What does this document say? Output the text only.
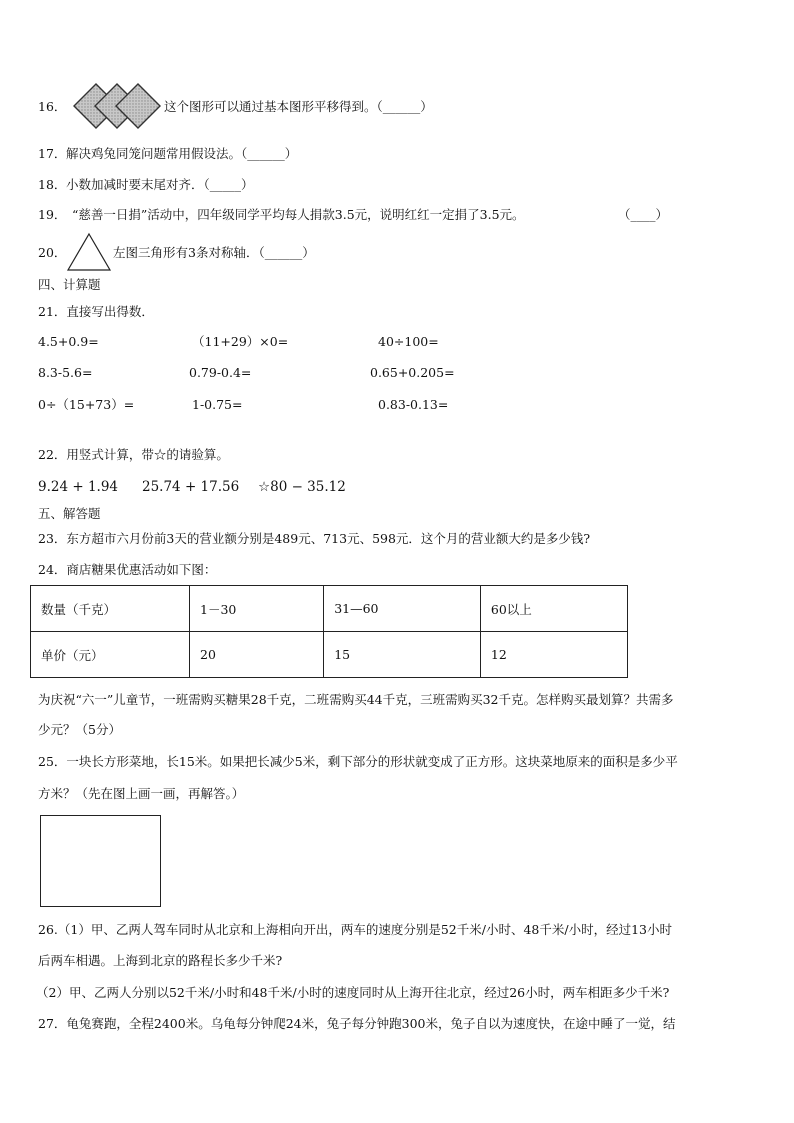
16．	这个图形可以通过基本图形平移得到。（______）
17． 解决鸡兔同笼问题常用假设法。（______）
18． 小数加减时要末尾对齐．（_____）
19． “慈善一日捐”活动中，四年级同学平均每人捐款3.5元，说明红红一定捐了3.5元。	（____）
20．	左图三角形有3条对称轴．（______）
四、计算题
21．直接写出得数．
4.5+0.9=	（11+29）×0=	40÷100=
8.3-5.6=	0.79-0.4=	0.65+0.205=
0÷（15+73）=	1-0.75=	0.83-0.13=
22．用竖式计算，带☆的请验算。
9.24 + 1.94 25.74 + 17.56 ☆80 − 35.12
五、解答题
23．东方超市六月份前3天的营业额分别是489元、713元、598元．这个月的营业额大约是多少钱?
24．商店糖果优惠活动如下图：
数量（千克）	1－30	31—60	60以上
单价（元）	20	15	12
为庆祝“六一”儿童节，一班需购买糖果28千克，二班需购买44千克，三班需购买32千克。怎样购买最划算？共需多
少元？（5分）
25．一块长方形菜地，长15米。如果把长减少5米，剩下部分的形状就变成了正方形。这块菜地原来的面积是多少平
方米？（先在图上画一画，再解答。）
26.（1）甲、乙两人驾车同时从北京和上海相向开出，两车的速度分别是52千米/小时、48千米/小时，经过13小时
后两车相遇。上海到北京的路程长多少千米?
（2）甲、乙两人分别以52千米/小时和48千米/小时的速度同时从上海开往北京，经过26小时，两车相距多少千米?
27．龟兔赛跑，全程2400米。乌龟每分钟爬24米，兔子每分钟跑300米，兔子自以为速度快，在途中睡了一觉，结
